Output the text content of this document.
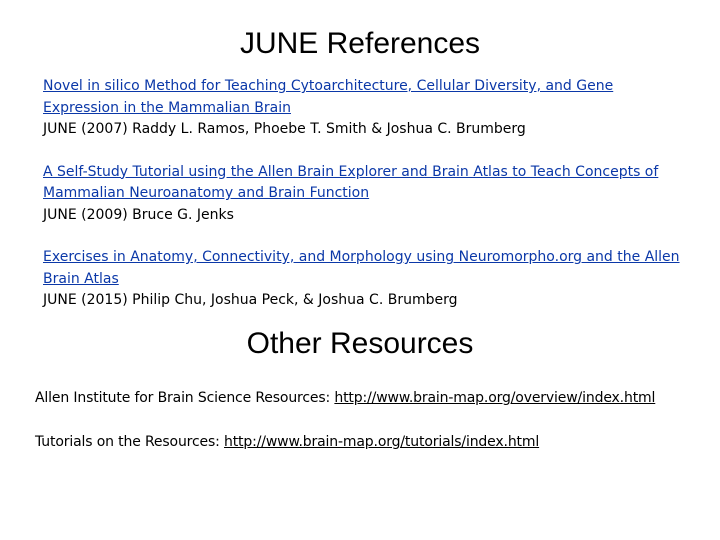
JUNE References
Novel in silico Method for Teaching Cytoarchitecture, Cellular Diversity, and Gene Expression in the Mammalian Brain
JUNE (2007) Raddy L. Ramos, Phoebe T. Smith & Joshua C. Brumberg
A Self-Study Tutorial using the Allen Brain Explorer and Brain Atlas to Teach Concepts of Mammalian Neuroanatomy and Brain Function
JUNE (2009) Bruce G. Jenks
Exercises in Anatomy, Connectivity, and Morphology using Neuromorpho.org and the Allen Brain Atlas
JUNE (2015) Philip Chu, Joshua Peck, & Joshua C. Brumberg
Other Resources
Allen Institute for Brain Science Resources: http://www.brain-map.org/overview/index.html
Tutorials on the Resources: http://www.brain-map.org/tutorials/index.html
